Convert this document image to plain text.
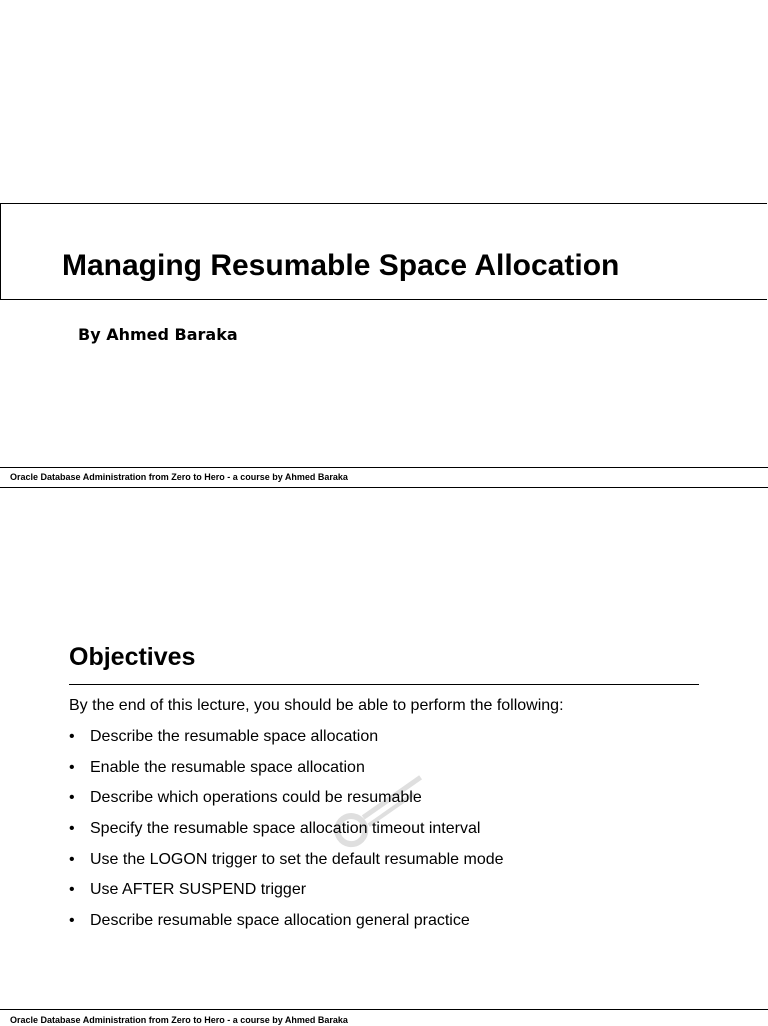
Managing Resumable Space Allocation

By Ahmed Baraka

Oracle Database Administration from Zero to Hero - a course by Ahmed Baraka
Objectives

By the end of this lecture, you should be able to perform the following:

• Describe the resumable space allocation
• Enable the resumable space allocation
• Describe which operations could be resumable
• Specify the resumable space allocation timeout interval
• Use the LOGON trigger to set the default resumable mode
• Use AFTER SUSPEND trigger
• Describe resumable space allocation general practice
Oracle Database Administration from Zero to Hero - a course by Ahmed Baraka
